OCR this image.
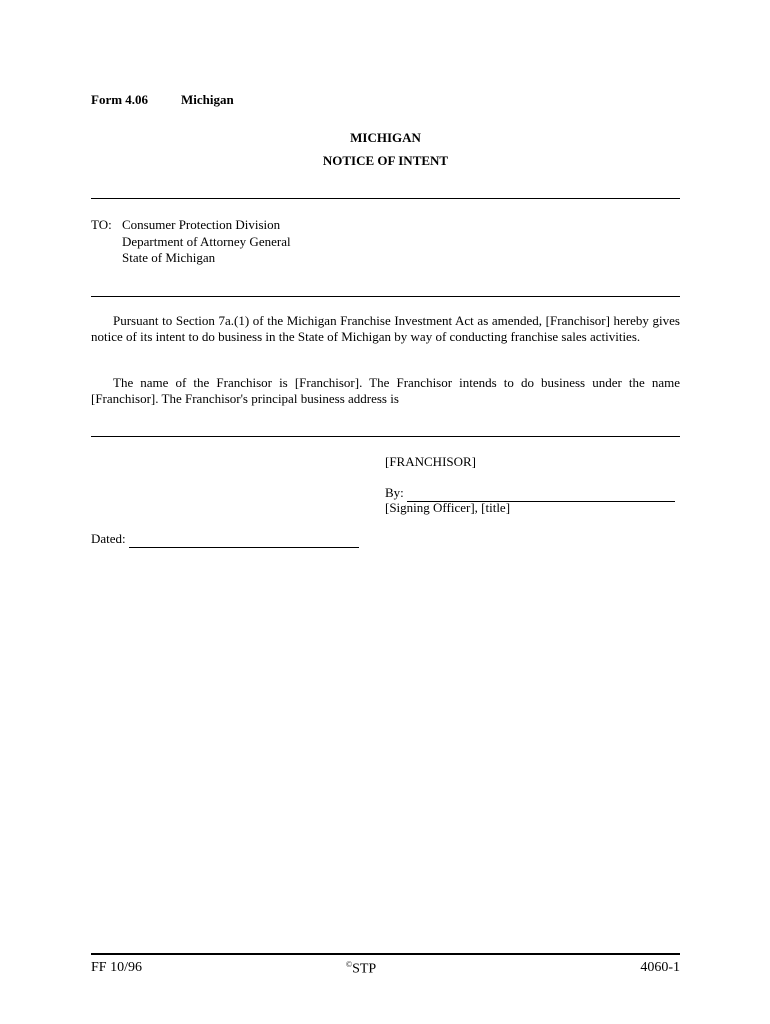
Form 4.06	Michigan
MICHIGAN
NOTICE OF INTENT
TO: Consumer Protection Division
Department of Attorney General
State of Michigan
Pursuant to Section 7a.(1) of the Michigan Franchise Investment Act as amended, [Franchisor] hereby gives notice of its intent to do business in the State of Michigan by way of conducting franchise sales activities.
The name of the Franchisor is [Franchisor]. The Franchisor intends to do business under the name [Franchisor]. The Franchisor's principal business address is
[FRANCHISOR]
By:
[Signing Officer], [title]
Dated:
FF 10/96	©STP	4060-1
